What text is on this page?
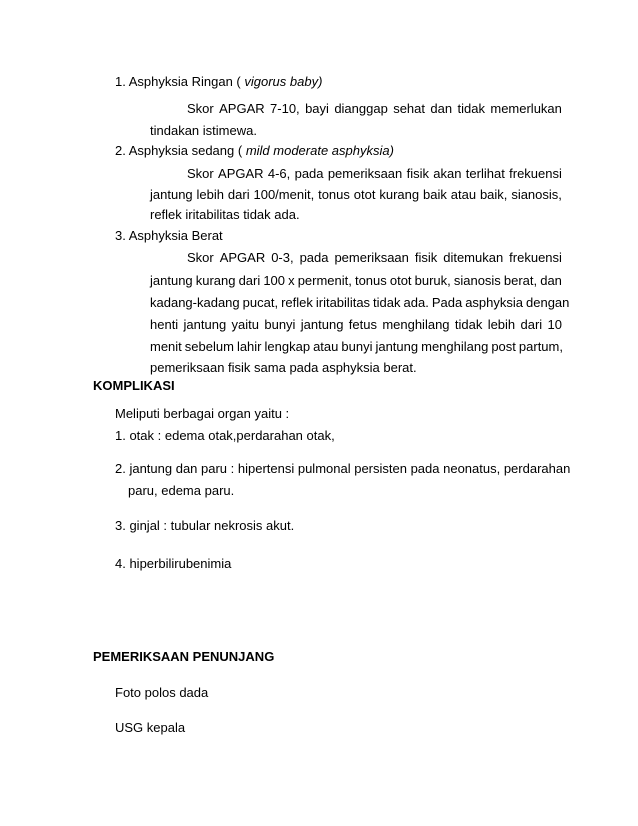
1. Asphyksia Ringan ( vigorus baby)
Skor APGAR 7-10, bayi dianggap sehat dan tidak memerlukan
tindakan istimewa.
2. Asphyksia sedang ( mild moderate asphyksia)
Skor APGAR 4-6, pada pemeriksaan fisik akan terlihat frekuensi
jantung lebih dari 100/menit, tonus otot kurang baik atau baik, sianosis,
reflek iritabilitas tidak ada.
3. Asphyksia Berat
Skor APGAR 0-3, pada pemeriksaan fisik ditemukan frekuensi
jantung kurang dari 100 x permenit, tonus otot buruk, sianosis berat, dan
kadang-kadang pucat, reflek iritabilitas tidak ada. Pada asphyksia dengan
henti jantung yaitu bunyi jantung fetus menghilang tidak lebih dari 10
menit sebelum lahir lengkap atau bunyi jantung menghilang post partum,
pemeriksaan fisik sama pada asphyksia berat.
KOMPLIKASI
Meliputi berbagai organ yaitu :
1. otak : edema otak,perdarahan otak,
2. jantung dan paru : hipertensi pulmonal persisten pada neonatus, perdarahan
paru, edema paru.
3. ginjal : tubular nekrosis akut.
4. hiperbilirubenimia
PEMERIKSAAN PENUNJANG
Foto polos dada
USG kepala
